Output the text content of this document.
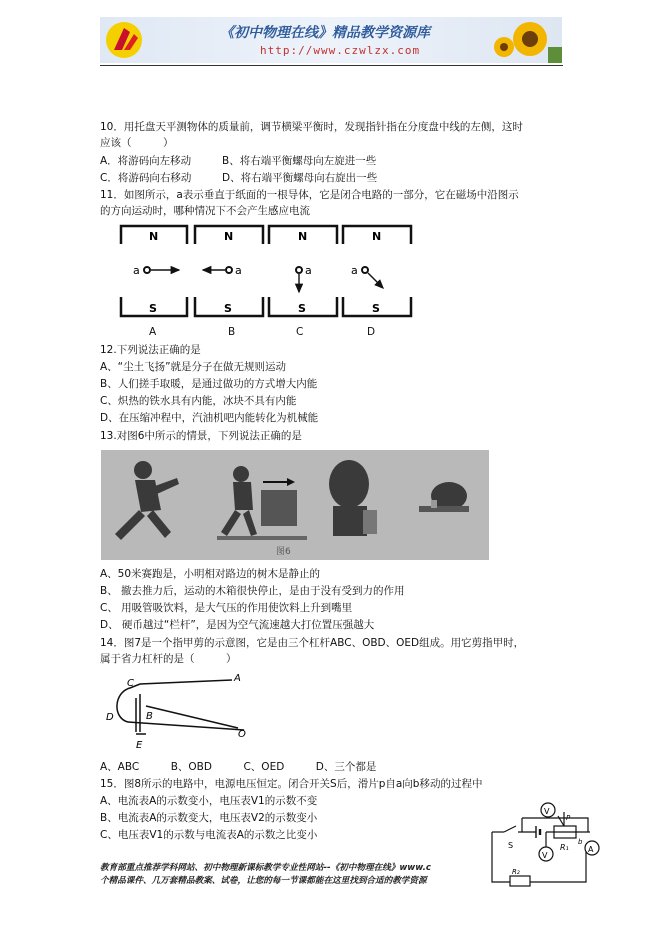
《初中物理在线》精品教学资源库
http://www.czwlzx.com
10．用托盘天平测物体的质量前，调节横梁平衡时，发现指针指在分度盘中线的左侧，这时
应该（　　　）
A．将游码向左移动	B、将右端平衡螺母向左旋进一些
C．将游码向右移动	D、将右端平衡螺母向右旋出一些
11．如图所示，a表示垂直于纸面的一根导体，它是闭合电路的一部分，它在磁场中沿图示
的方向运动时，哪种情况下不会产生感应电流
N	N	N	N
S	S	S	S
a	a	a	a
A	B	C	D
12.下列说法正确的是
A、“尘土飞扬”就是分子在做无规则运动
B、人们搓手取暖，是通过做功的方式增大内能
C、炽热的铁水具有内能，冰块不具有内能
D、在压缩冲程中，汽油机吧内能转化为机械能
13.对图6中所示的情景，下列说法正确的是
图6
A、50米赛跑是，小明相对路边的树木是静止的
B、 撤去推力后，运动的木箱很快停止，是由于没有受到力的作用
C、 用吸管吸饮料，是大气压的作用使饮料上升到嘴里
D、 硬币越过“栏杆”，是因为空气流速越大打位置压强越大
14．图7是一个指甲剪的示意图，它是由三个杠杆ABC、OBD、OED组成。用它剪指甲时，
属于省力杠杆的是（　　　）
C	A
D	B
E
O
A、ABC　　　B、OBD　　　C、OED　　　D、三个都是
15．图8所示的电路中，电源电压恒定。闭合开关S后，滑片p自a向b移动的过程中
A、电流表A的示数变小，电压表V1的示数不变
B、电流表A的示数变大，电压表V2的示数变小
C、电压表V1的示数与电流表A的示数之比变小
V
V
A
S
P
R₁
b
R₂
教育部重点推荐学科网站、初中物理新课标教学专业性网站--《初中物理在线》www.c
个精品课件、几万套精品教案、试卷，让您的每一节课都能在这里找到合适的教学资源
